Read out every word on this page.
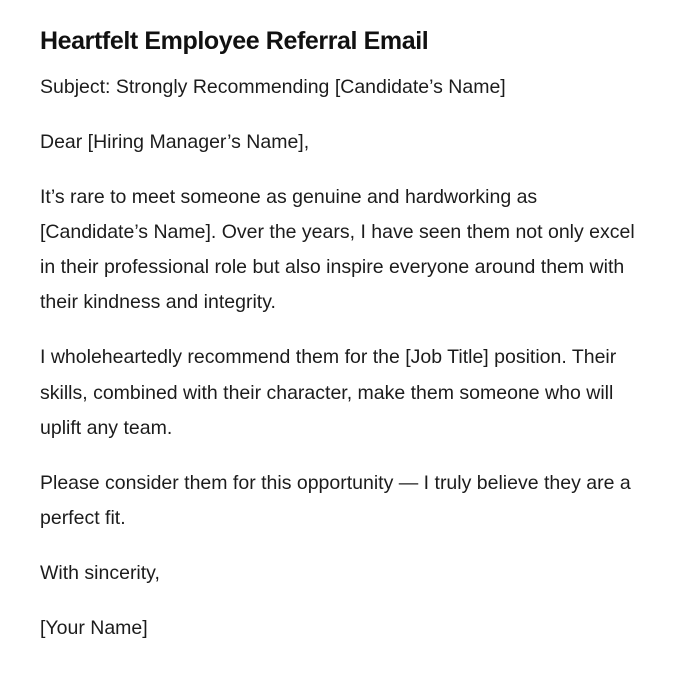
Heartfelt Employee Referral Email

Subject: Strongly Recommending [Candidate’s Name]

Dear [Hiring Manager’s Name],

It’s rare to meet someone as genuine and hardworking as [Candidate’s Name]. Over the years, I have seen them not only excel in their professional role but also inspire everyone around them with their kindness and integrity.

I wholeheartedly recommend them for the [Job Title] position. Their skills, combined with their character, make them someone who will uplift any team.

Please consider them for this opportunity — I truly believe they are a perfect fit.

With sincerity,

[Your Name]
